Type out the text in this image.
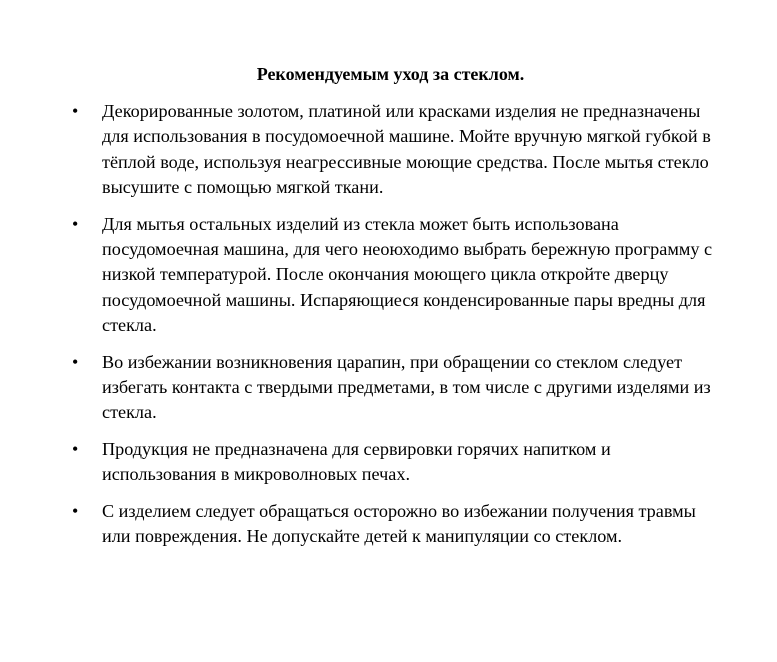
Рекомендуемым уход за стеклом.
• Декорированные золотом, платиной или красками изделия не предназначены для использования в посудомоечной машине. Мойте вручную мягкой губкой в тёплой воде, используя неагрессивные моющие средства. После мытья стекло высушите с помощью мягкой ткани.
• Для мытья остальных изделий из стекла может быть использована посудомоечная машина, для чего неоюходимо выбрать бережную программу с низкой температурой. После окончания моющего цикла откройте дверцу посудомоечной машины. Испаряющиеся конденсированные пары вредны для стекла.
• Во избежании возникновения царапин, при обращении со стеклом следует избегать контакта с твердыми предметами, в том числе с другими изделями из стекла.
• Продукция не предназначена для сервировки горячих напитком и использования в микроволновых печах.
• С изделием следует обращаться осторожно во избежании получения травмы или повреждения. Не допускайте детей к манипуляции со стеклом.
